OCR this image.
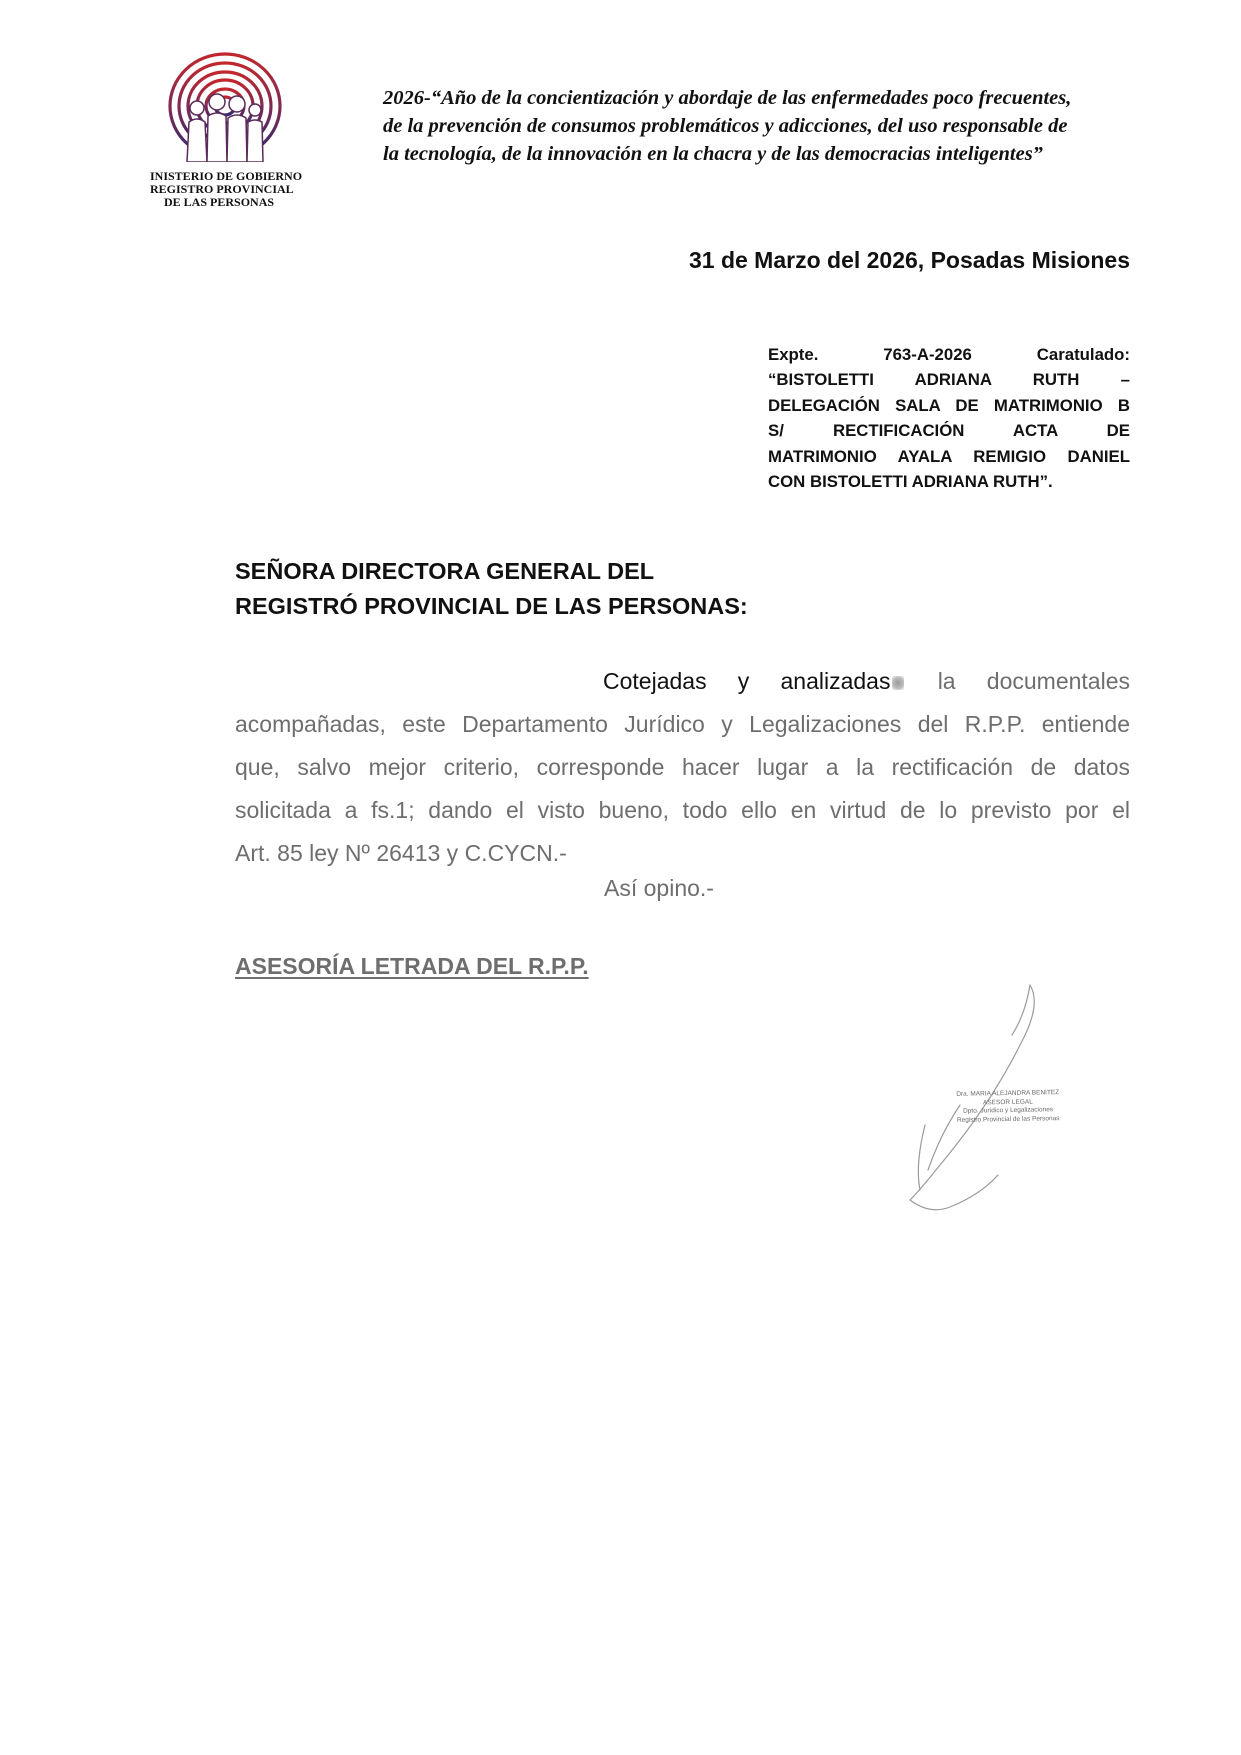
INISTERIO DE GOBIERNO
REGISTRO PROVINCIAL
DE LAS PERSONAS
2026-“Año de la concientización y abordaje de las enfermedades poco frecuentes,
de la prevención de consumos problemáticos y adicciones, del uso responsable de
la tecnología, de la innovación en la chacra y de las democracias inteligentes”
31 de Marzo del 2026, Posadas Misiones
Expte. 763-A-2026 Caratulado:
“BISTOLETTI ADRIANA RUTH –
DELEGACIÓN SALA DE MATRIMONIO B
S/ RECTIFICACIÓN ACTA DE
MATRIMONIO AYALA REMIGIO DANIEL
CON BISTOLETTI ADRIANA RUTH”.
SEÑORA DIRECTORA GENERAL DEL
REGISTRÓ PROVINCIAL DE LAS PERSONAS:
Cotejadas y analizadas la documentales
acompañadas, este Departamento Jurídico y Legalizaciones del R.P.P. entiende
que, salvo mejor criterio, corresponde hacer lugar a la rectificación de datos
solicitada a fs.1; dando el visto bueno, todo ello en virtud de lo previsto por el
Art. 85 ley Nº 26413 y C.CYCN.-
Así opino.-
ASESORÍA LETRADA DEL R.P.P.
Dra. MARIA ALEJANDRA BENITEZ
ASESOR LEGAL
Dpto. Jurídico y Legalizaciones
Registro Provincial de las Personas
